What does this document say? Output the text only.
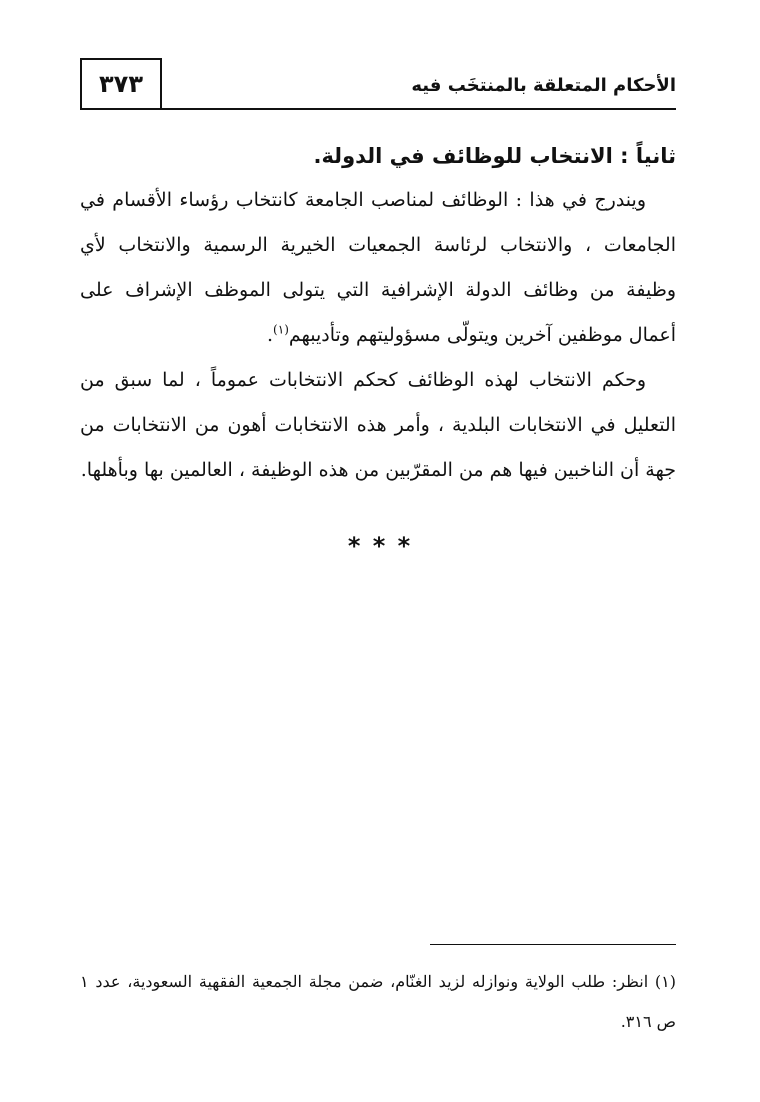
٣٧٣	الأحكام المتعلقة بالمنتخَب فيه
ثانياً : الانتخاب للوظائف في الدولة.

ويندرج في هذا : الوظائف لمناصب الجامعة كانتخاب رؤساء الأقسام في الجامعات ، والانتخاب لرئاسة الجمعيات الخيرية الرسمية والانتخاب لأي وظيفة من وظائف الدولة الإشرافية التي يتولى الموظف الإشراف على أعمال موظفين آخرين ويتولّى مسؤوليتهم وتأديبهم$^{(١)}$.

وحكم الانتخاب لهذه الوظائف كحكم الانتخابات عموماً ، لما سبق من التعليل في الانتخابات البلدية ، وأمر هذه الانتخابات أهون من الانتخابات من جهة أن الناخبين فيها هم من المقرّبين من هذه الوظيفة ، العالمين بها وبأهلها.

* * *

(١) انظر: طلب الولاية ونوازله لزيد الغنّام، ضمن مجلة الجمعية الفقهية السعودية، عدد ١ ص ٣١٦.
